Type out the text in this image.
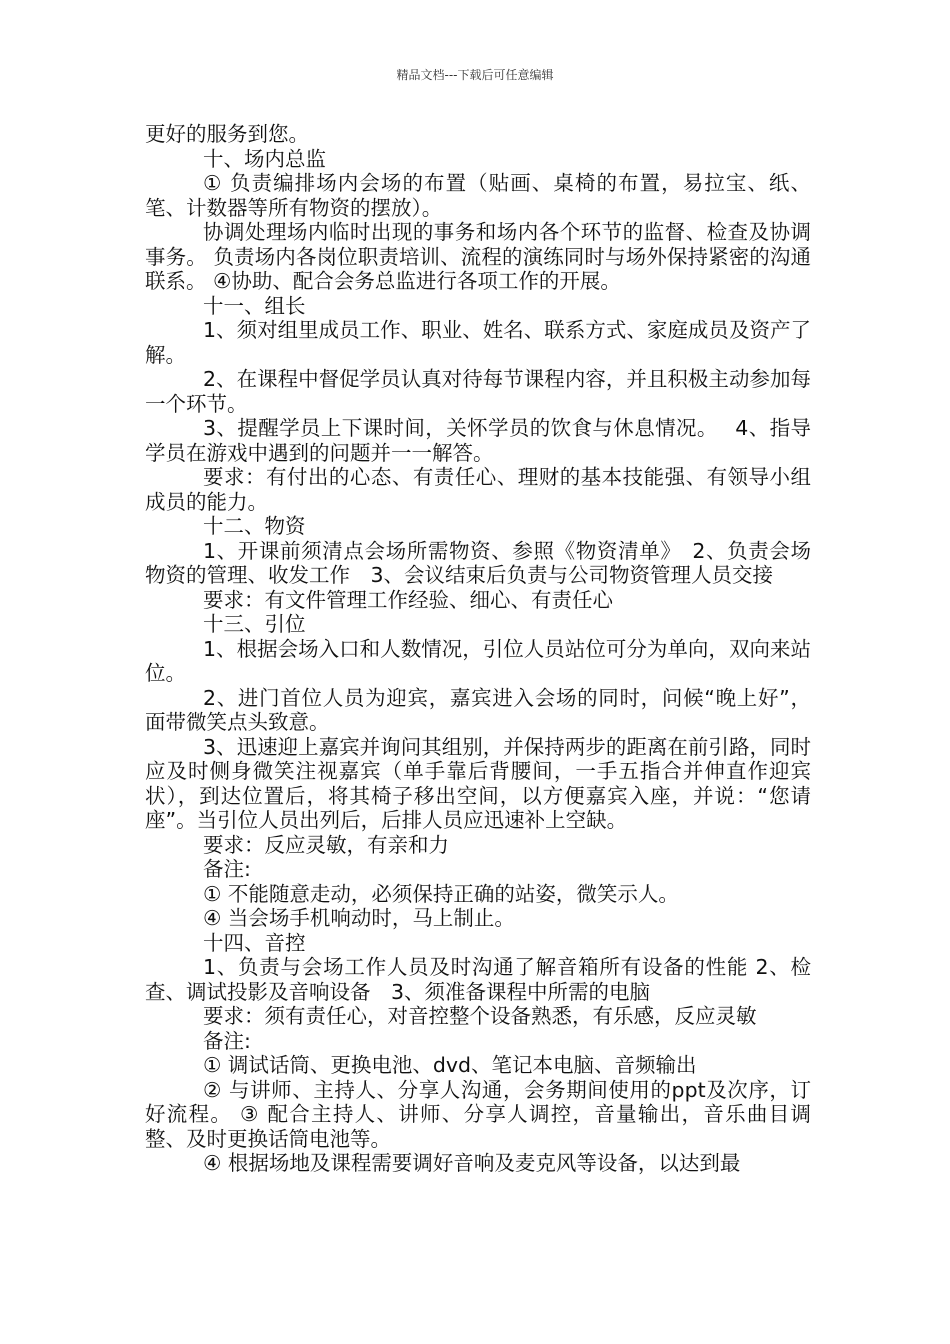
精品文档---下载后可任意编辑

更好的服务到您。

十、场内总监

① 负责编排场内会场的布置（贴画、桌椅的布置，易拉宝、纸、笔、计数器等所有物资的摆放）。

协调处理场内临时出现的事务和场内各个环节的监督、检查及协调事务。 负责场内各岗位职责培训、流程的演练同时与场外保持紧密的沟通联系。 ④协助、配合会务总监进行各项工作的开展。

十一、组长

1、须对组里成员工作、职业、姓名、联系方式、家庭成员及资产了解。

2、在课程中督促学员认真对待每节课程内容，并且积极主动参加每一个环节。

3、提醒学员上下课时间，关怀学员的饮食与休息情况。　 4、指导学员在游戏中遇到的问题并一一解答。

要求：有付出的心态、有责任心、理财的基本技能强、有领导小组成员的能力。

十二、物资

1、开课前须清点会场所需物资、参照《物资清单》　2、负责会场物资的管理、收发工作　3、会议结束后负责与公司物资管理人员交接

要求：有文件管理工作经验、细心、有责任心

十三、引位

1、根据会场入口和人数情况，引位人员站位可分为单向，双向来站位。

2、进门首位人员为迎宾，嘉宾进入会场的同时，问候“晚上好”，面带微笑点头致意。

3、迅速迎上嘉宾并询问其组别，并保持两步的距离在前引路，同时应及时侧身微笑注视嘉宾（单手靠后背腰间，一手五指合并伸直作迎宾状），到达位置后，将其椅子移出空间，以方便嘉宾入座，并说：“您请座”。当引位人员出列后，后排人员应迅速补上空缺。

要求：反应灵敏，有亲和力

备注:

① 不能随意走动，必须保持正确的站姿，微笑示人。

④ 当会场手机响动时，马上制止。

十四、音控

1、负责与会场工作人员及时沟通了解音箱所有设备的性能 2、检查、调试投影及音响设备　3、须准备课程中所需的电脑

要求：须有责任心，对音控整个设备熟悉，有乐感，反应灵敏

备注:

① 调试话筒、更换电池、dvd、笔记本电脑、音频输出

② 与讲师、主持人、分享人沟通，会务期间使用的ppt及次序，订好流程。 ③ 配合主持人、讲师、分享人调控，音量输出，音乐曲目调整、及时更换话筒电池等。

④ 根据场地及课程需要调好音响及麦克风等设备，以达到最
